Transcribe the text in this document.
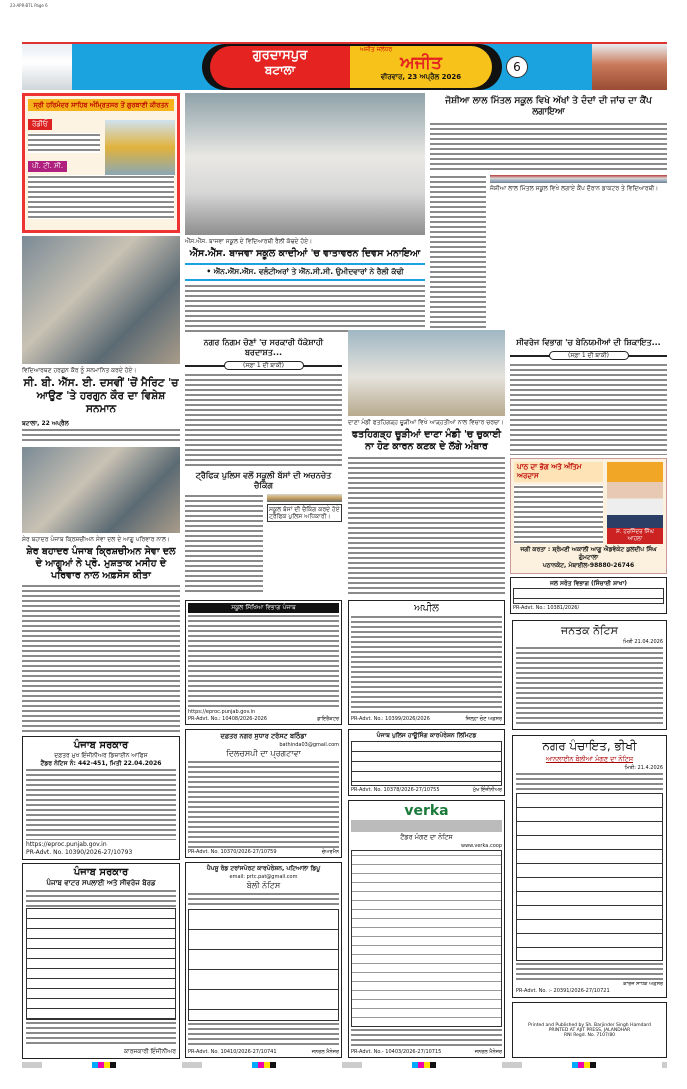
23-APR-BTL Page 6
ਗੁਰਦਾਸਪੁਰ
ਬਟਾਲਾ
ਅਜੀਤ ਜਲੰਧਰ
ਅਜੀਤ
ਵੀਰਵਾਰ, 23 ਅਪ੍ਰੈਲ 2026
6
ਸ੍ਰੀ ਹਰਿਮੰਦਰ ਸਾਹਿਬ ਅੰਮ੍ਰਿਤਸਰ ਤੋਂ ਗੁਰਬਾਣੀ ਕੀਰਤਨ
ਰੇਡੀਓ
ਪੀ. ਟੀ. ਸੀ.
ਵਿਦਿਆਰਥਣ ਹਰਗੁਨ ਕੌਰ ਨੂੰ ਸਨਮਾਨਿਤ ਕਰਦੇ ਹੋਏ।
ਸੀ. ਬੀ. ਐੱਸ. ਈ. ਦਸਵੀਂ 'ਚੋਂ ਮੈਰਿਟ 'ਚ ਆਉਣ 'ਤੇ ਹਰਗੁਨ ਕੌਰ ਦਾ ਵਿਸ਼ੇਸ਼ ਸਨਮਾਨ
ਬਟਾਲਾ, 22 ਅਪ੍ਰੈਲ
ਸ਼ੇਰ ਬਹਾਦਰ ਪੰਜਾਬ ਕ੍ਰਿਸ਼ਚੀਅਨ ਸੇਵਾ ਦਲ ਦੇ ਆਗੂ ਪਰਿਵਾਰ ਨਾਲ।
ਸ਼ੇਰ ਬਹਾਦਰ ਪੰਜਾਬ ਕ੍ਰਿਸ਼ਚੀਅਨ ਸੇਵਾ ਦਲ ਦੇ ਆਗੂਆਂ ਨੇ ਪ੍ਰੋ. ਮੁਸ਼ਤਾਕ ਮਸੀਹ ਦੇ ਪਰਿਵਾਰ ਨਾਲ ਅਫ਼ਸੋਸ ਕੀਤਾ
ਪੰਜਾਬ ਸਰਕਾਰ
ਦਫ਼ਤਰ ਮੁਖ ਇੰਜੀਨੀਅਰ ਡਿਜ਼ਾਈਨ ਆਫਿਸ
ਟੈਂਡਰ ਨੋਟਿਸ ਨੰ: 442-451, ਮਿਤੀ 22.04.2026
https://eproc.punjab.gov.in
PR-Advt. No. 10390/2026-27/10793
ਪੰਜਾਬ ਸਰਕਾਰ
ਪੰਜਾਬ ਵਾਟਰ ਸਪਲਾਈ ਅਤੇ ਸੀਵਰੇਜ ਬੋਰਡ
ਕਾਰਜਕਾਰੀ ਇੰਜੀਨੀਅਰ
ਐੱਸ.ਐੱਸ. ਬਾਜਵਾ ਸਕੂਲ ਦੇ ਵਿਦਿਆਰਥੀ ਰੈਲੀ ਕੱਢਦੇ ਹੋਏ।
ਐੱਸ.ਐੱਸ. ਬਾਜਵਾ ਸਕੂਲ ਕਾਦੀਆਂ 'ਚ ਵਾਤਾਵਰਨ ਦਿਵਸ ਮਨਾਇਆ
• ਐੱਨ.ਐੱਸ.ਐੱਸ. ਵਲੰਟੀਅਰਾਂ ਤੇ ਐੱਨ.ਸੀ.ਸੀ. ਉਮੀਦਵਾਰਾਂ ਨੇ ਰੈਲੀ ਕੱਢੀ
ਜੋਸ਼ੀਆ ਲਾਲ ਮਿੱਤਲ ਸਕੂਲ ਵਿਖੇ ਅੱਖਾਂ ਤੇ ਦੰਦਾਂ ਦੀ ਜਾਂਚ ਦਾ ਕੈਂਪ ਲਗਾਇਆ
ਜੋਸ਼ੀਆ ਲਾਲ ਮਿੱਤਲ ਸਕੂਲ ਵਿਖੇ ਲਗਾਏ ਕੈਂਪ ਦੌਰਾਨ ਡਾਕਟਰ ਤੇ ਵਿਦਿਆਰਥੀ।
ਨਗਰ ਨਿਗਮ ਚੋਣਾਂ 'ਚ ਸਰਕਾਰੀ ਧੱਕੇਸ਼ਾਹੀ ਬਰਦਾਸ਼ਤ...
(ਸਫ਼ਾ 1 ਦੀ ਬਾਕੀ)
ਟ੍ਰੈਫਿਕ ਪੁਲਿਸ ਵਲੋਂ ਸਕੂਲੀ ਬੱਸਾਂ ਦੀ ਅਚਨਚੇਤ ਚੈਕਿੰਗ
ਸਕੂਲ ਬੱਸਾਂ ਦੀ ਚੈਕਿੰਗ ਕਰਦੇ ਹੋਏ ਟ੍ਰੈਫਿਕ ਪੁਲਿਸ ਅਧਿਕਾਰੀ।
ਦਾਣਾ ਮੰਡੀ ਫਤਹਿਗੜ੍ਹ ਚੂੜੀਆਂ ਵਿਖੇ ਆੜ੍ਹਤੀਆਂ ਨਾਲ ਵਿਚਾਰ ਚਰਚਾ।
ਫਤਹਿਗੜ੍ਹ ਚੂੜੀਆਂ ਦਾਣਾ ਮੰਡੀ 'ਚ ਚੁਕਾਈ ਨਾ ਹੋਣ ਕਾਰਨ ਕਣਕ ਦੇ ਲੱਗੇ ਅੰਬਾਰ
ਸੀਵਰੇਜ ਵਿਭਾਗ 'ਚ ਬੇਨਿਯਮੀਆਂ ਦੀ ਸ਼ਿਕਾਇਤ...
(ਸਫ਼ਾ 1 ਦੀ ਬਾਕੀ)
ਪਾਠ ਦਾ ਭੋਗ ਅਤੇ ਅੰਤਿਮ ਅਰਦਾਸ
ਸ. ਹਰਜਿੰਦਰ ਸਿੰਘ ਆਹਲਾ
ਜਗੀ ਕਰਤਾ : ਸ਼੍ਰੋਮਣੀ ਅਕਾਲੀ ਆਗੂ ਐਡਵੋਕੇਟ ਕੁਲਦੀਪ ਸਿੰਘ ਗੁੰਮਟਾਲਾ
ਪਠਾਨਕੋਟ, ਮੋਬਾਈਲ-98880-26746
ਜਲ ਸਰੋਤ ਵਿਭਾਗ (ਸਿੰਚਾਈ ਸ਼ਾਖਾ)
PR-Advt. No.: 10381/2026/
ਸਕੂਲ ਸਿੱਖਿਆ ਵਿਭਾਗ ਪੰਜਾਬ
https://eproc.punjab.gov.in
PR-Advt. No.: 10408/2026-2026	ਡਾਇਰੈਕਟਰ
ਅਪੀਲ
PR-Advt. No.: 10399/2026/2026	ਜ਼ਿਲ੍ਹਾ ਚੋਣ ਅਫ਼ਸਰ
ਜਨਤਕ ਨੋਟਿਸ
ਮਿਤੀ 21.04.2026
ਦਫ਼ਤਰ ਨਗਰ ਸੁਧਾਰ ਟਰੱਸਟ ਬਠਿੰਡਾ
bathinda03@gmail.com
ਦਿਲਚਸਪੀ ਦਾ ਪ੍ਰਗਟਾਵਾ
PR-Advt. No. 10370/2026-27/10759	ਚੇਅਰਮੈਨ
ਪੰਜਾਬ ਪੁਲਿਸ ਹਾਊਸਿੰਗ ਕਾਰਪੋਰੇਸ਼ਨ ਲਿਮਿਟਡ
PR-Advt. No. 10378/2026-27/10755	ਮੁੱਖ ਇੰਜੀਨੀਅਰ
verka
ਟੈਂਡਰ ਮੰਗਣ ਦਾ ਨੋਟਿਸ
www.verka.coop
PR-Advt. No.- 10403/2026-27/10715	ਜਨਰਲ ਮੈਨੇਜਰ
ਨਗਰ ਪੰਚਾਇਤ, ਭੀਖੀ
ਆਨਲਾਈਨ ਬੋਲੀਆਂ ਮੰਗਣ ਦਾ ਨੋਟਿਸ
ਮਿਤੀ: 21.4.2026
ਕਾਰਜ ਸਾਧਕ ਅਫ਼ਸਰ
PR-Advt. No. :- 20391/2026-27/10721
ਪੈਪਸੂ ਰੋਡ ਟਰਾਂਸਪੋਰਟ ਕਾਰਪੋਰੇਸ਼ਨ, ਪਟਿਆਲਾ ਡਿਪੂ
email: prtc.pat@gmail.com
ਬੋਲੀ ਨੋਟਿਸ
PR-Advt. No. 10410/2026-27/10741	ਜਨਰਲ ਮੈਨੇਜਰ
Printed and Published by Sh. Barjinder Singh Hamdard
PRINTED AT AJIT PRESS, JALANDHAR
RNI Regd. No. 7107/80
